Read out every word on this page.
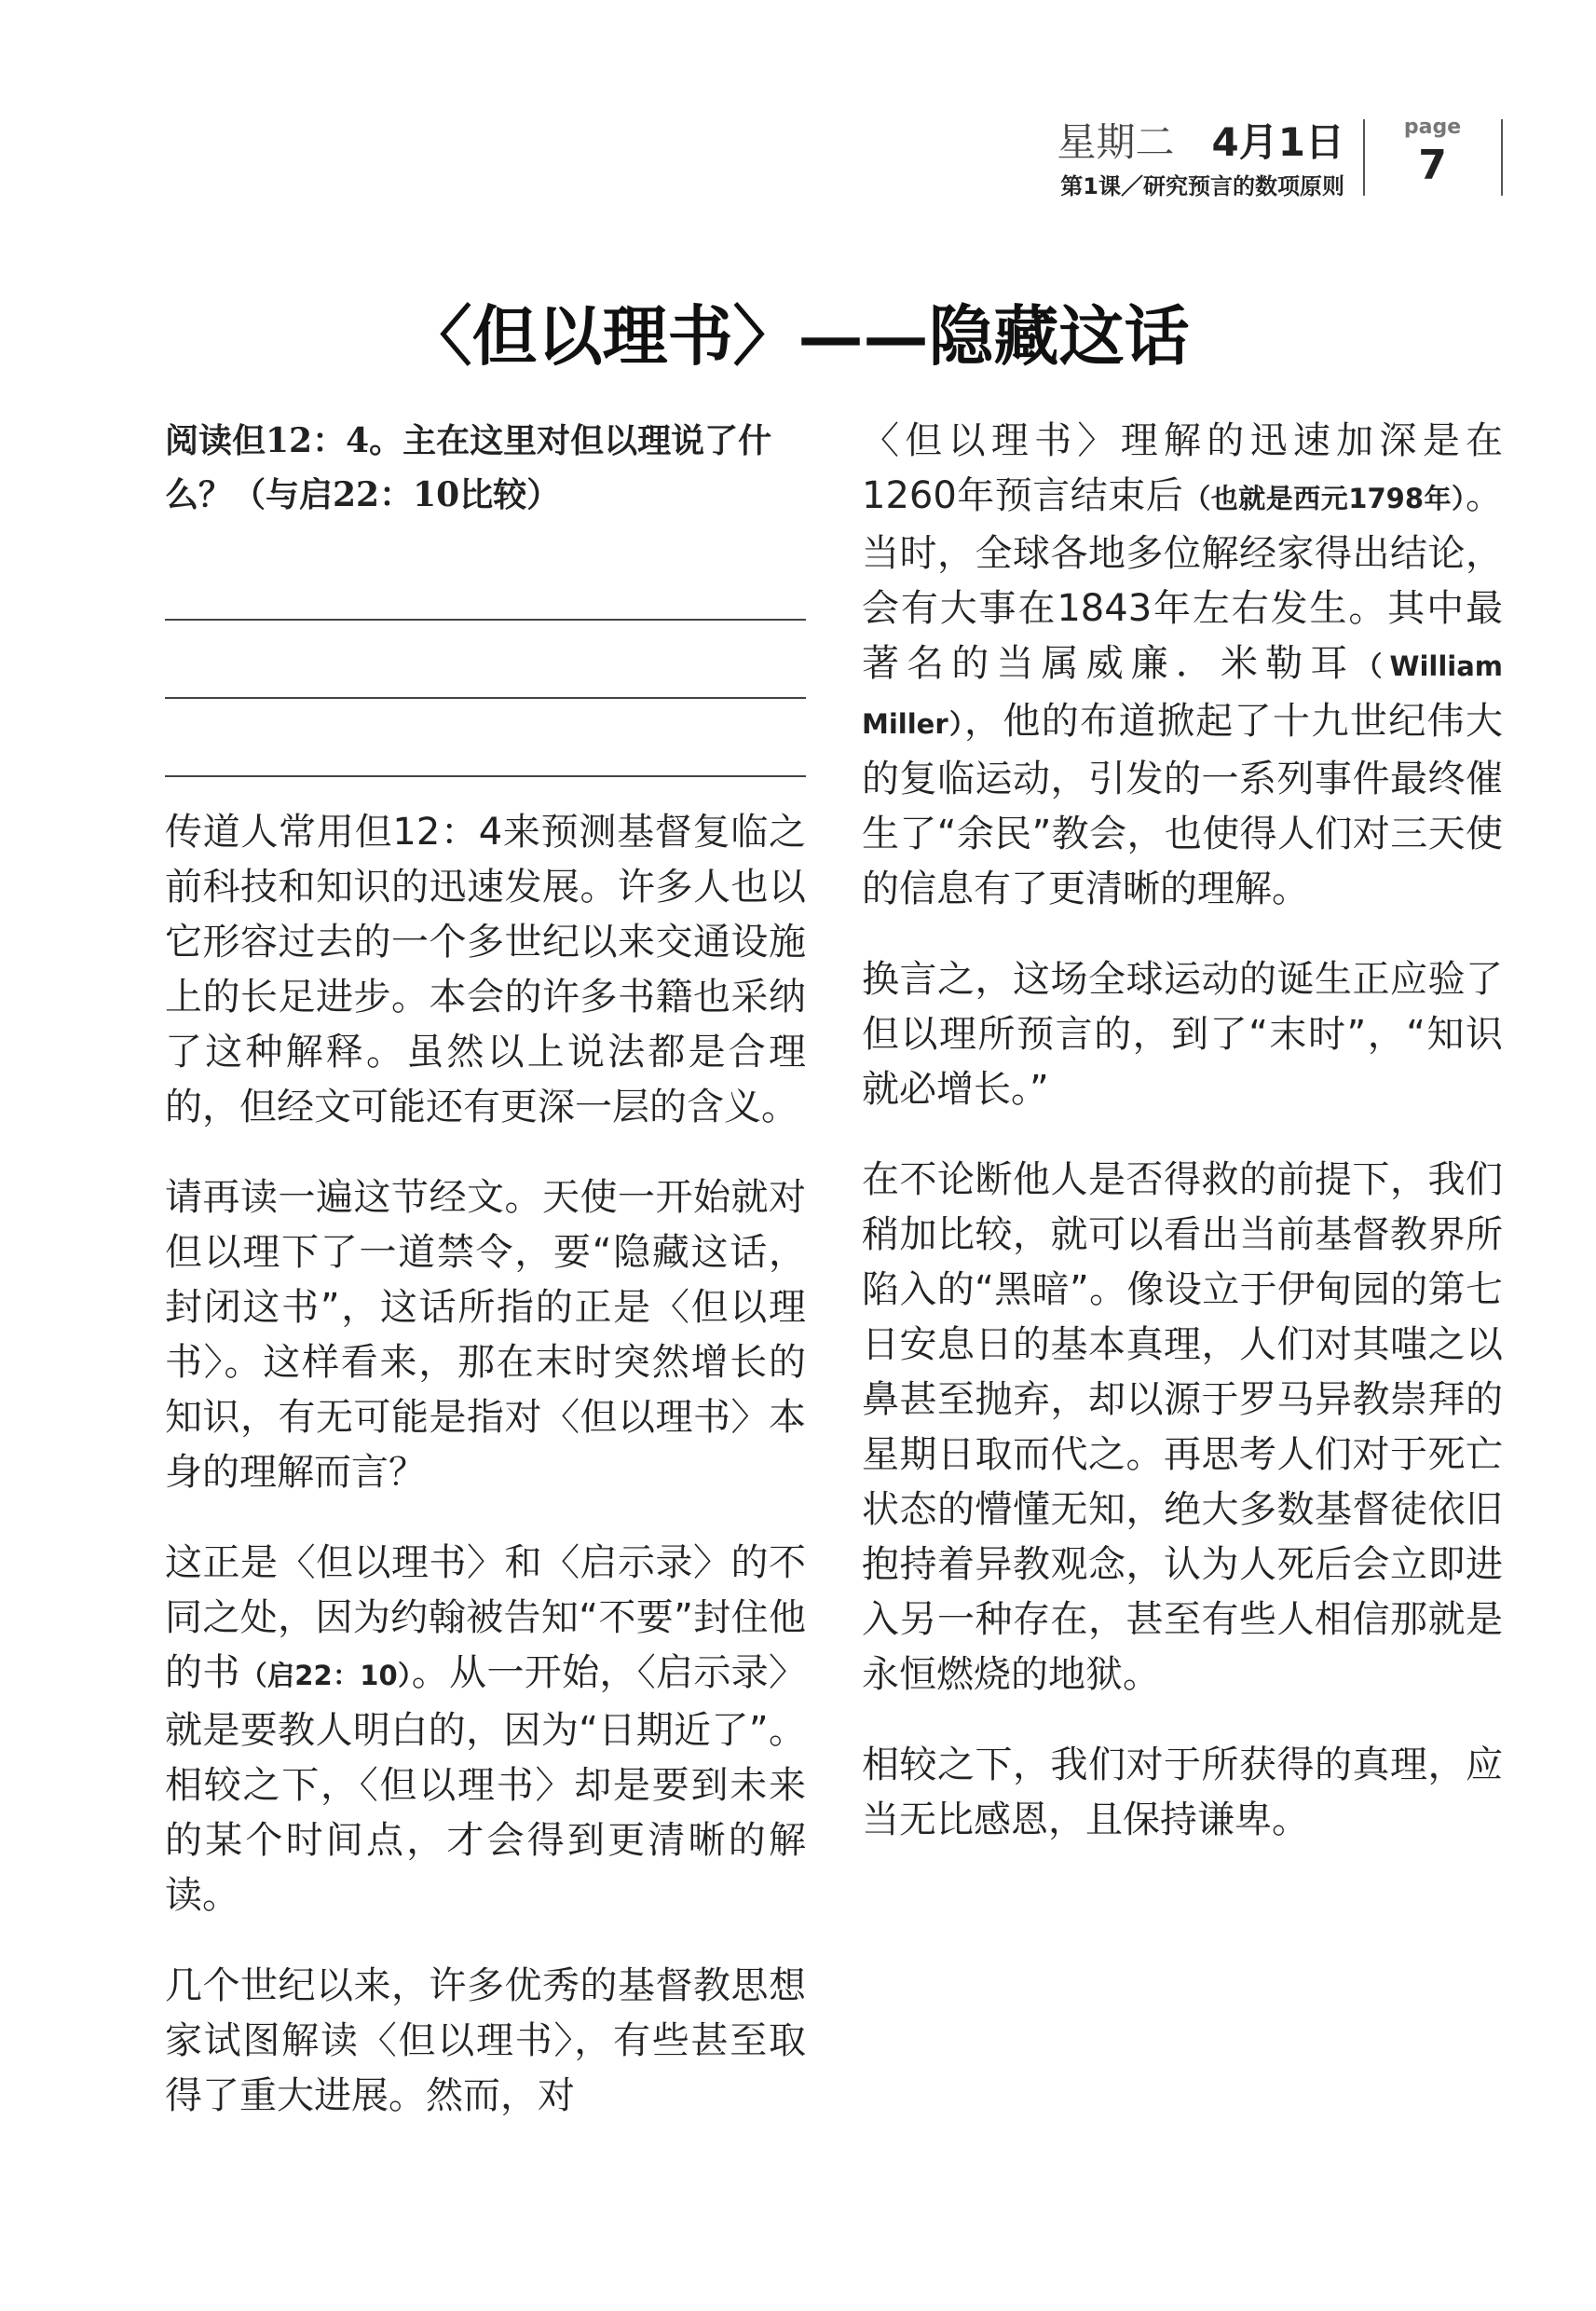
星期二 4月1日
第1课／研究预言的数项原则
page
7
〈但以理书〉——隐藏这话

阅读但12：4。主在这里对但以理说了什么？（与启22：10比较）

传道人常用但12：4来预测基督复临之前科技和知识的迅速发展。许多人也以它形容过去的一个多世纪以来交通设施上的长足进步。本会的许多书籍也采纳了这种解释。虽然以上说法都是合理的，但经文可能还有更深一层的含义。

请再读一遍这节经文。天使一开始就对但以理下了一道禁令，要“隐藏这话，封闭这书”，这话所指的正是〈但以理书〉。这样看来，那在末时突然增长的知识，有无可能是指对〈但以理书〉本身的理解而言？

这正是〈但以理书〉和〈启示录〉的不同之处，因为约翰被告知“不要”封住他的书（启22：10）。从一开始，〈启示录〉就是要教人明白的，因为“日期近了”。相较之下，〈但以理书〉却是要到未来的某个时间点，才会得到更清晰的解读。

几个世纪以来，许多优秀的基督教思想家试图解读〈但以理书〉，有些甚至取得了重大进展。然而，对

〈但以理书〉理解的迅速加深是在1260年预言结束后（也就是西元1798年）。当时，全球各地多位解经家得出结论，会有大事在1843年左右发生。其中最著名的当属威廉．米勒耳（William Miller），他的布道掀起了十九世纪伟大的复临运动，引发的一系列事件最终催生了“余民”教会，也使得人们对三天使的信息有了更清晰的理解。

换言之，这场全球运动的诞生正应验了但以理所预言的，到了“末时”，“知识就必增长。”

在不论断他人是否得救的前提下，我们稍加比较，就可以看出当前基督教界所陷入的“黑暗”。像设立于伊甸园的第七日安息日的基本真理，人们对其嗤之以鼻甚至抛弃，却以源于罗马异教崇拜的星期日取而代之。再思考人们对于死亡状态的懵懂无知，绝大多数基督徒依旧抱持着异教观念，认为人死后会立即进入另一种存在，甚至有些人相信那就是永恒燃烧的地狱。

相较之下，我们对于所获得的真理，应当无比感恩，且保持谦卑。
